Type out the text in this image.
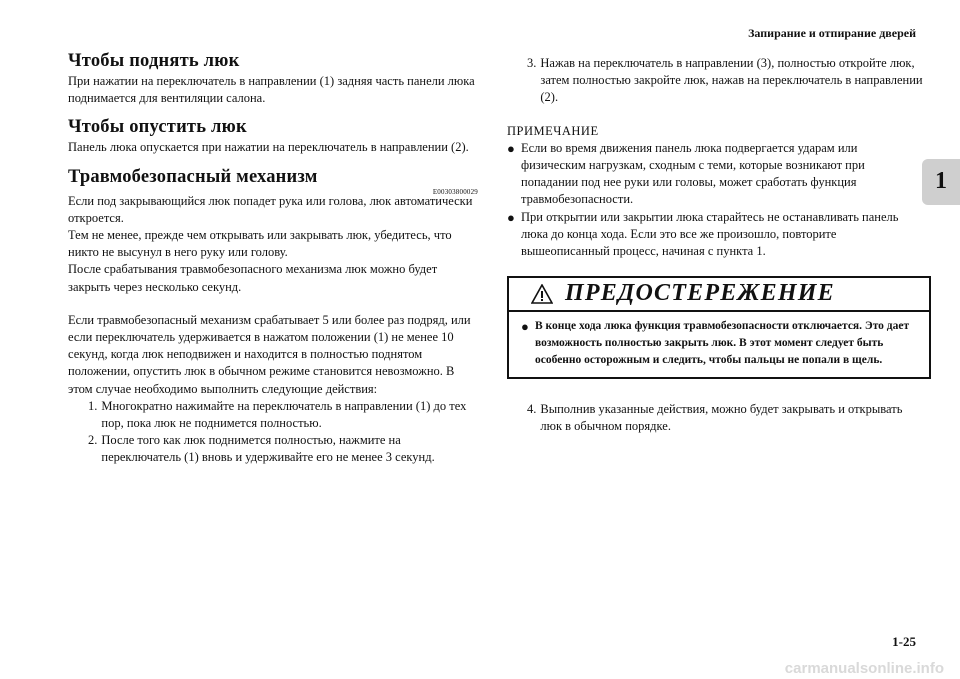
Запирание и отпирание дверей
1
Чтобы поднять люк

При нажатии на переключатель в направлении (1) задняя часть панели люка поднимается для вентиляции салона.

Чтобы опустить люк

Панель люка опускается при нажатии на переключатель в направлении (2).

Травмобезопасный механизм
E00303800029

Если под закрывающийся люк попадет рука или голова, люк автоматически откроется.

Тем не менее, прежде чем открывать или закрывать люк, убедитесь, что никто не высунул в него руку или голову.

После срабатывания травмобезопасного механизма люк можно будет закрыть через несколько секунд.

Если травмобезопасный механизм срабатывает 5 или более раз подряд, или если переключатель удерживается в нажатом положении (1) не менее 10 секунд, когда люк неподвижен и находится в полностью поднятом положении, опустить люк в обычном режиме становится невозможно. В этом случае необходимо выполнить следующие действия:

1. Многократно нажимайте на переключатель в направлении (1) до тех пор, пока люк не поднимется полностью.
2. После того как люк поднимется полностью, нажмите на переключатель (1) вновь и удерживайте его не менее 3 секунд.
3. Нажав на переключатель в направлении (3), полностью откройте люк, затем полностью закройте люк, нажав на переключатель в направлении (2).
ПРИМЕЧАНИЕ
● Если во время движения панель люка подвергается ударам или физическим нагрузкам, сходным с теми, которые возникают при попадании под нее руки или головы, может сработать функция травмобезопасности.
● При открытии или закрытии люка старайтесь не останавливать панель люка до конца хода. Если это все же произошло, повторите вышеописанный процесс, начиная с пункта 1.
ПРЕДОСТЕРЕЖЕНИЕ
● В конце хода люка функция травмобезопасности отключается. Это дает возможность полностью закрыть люк. В этот момент следует быть особенно осторожным и следить, чтобы пальцы не попали в щель.
4. Выполнив указанные действия, можно будет закрывать и открывать люк в обычном порядке.
1-25
carmanualsonline.info
